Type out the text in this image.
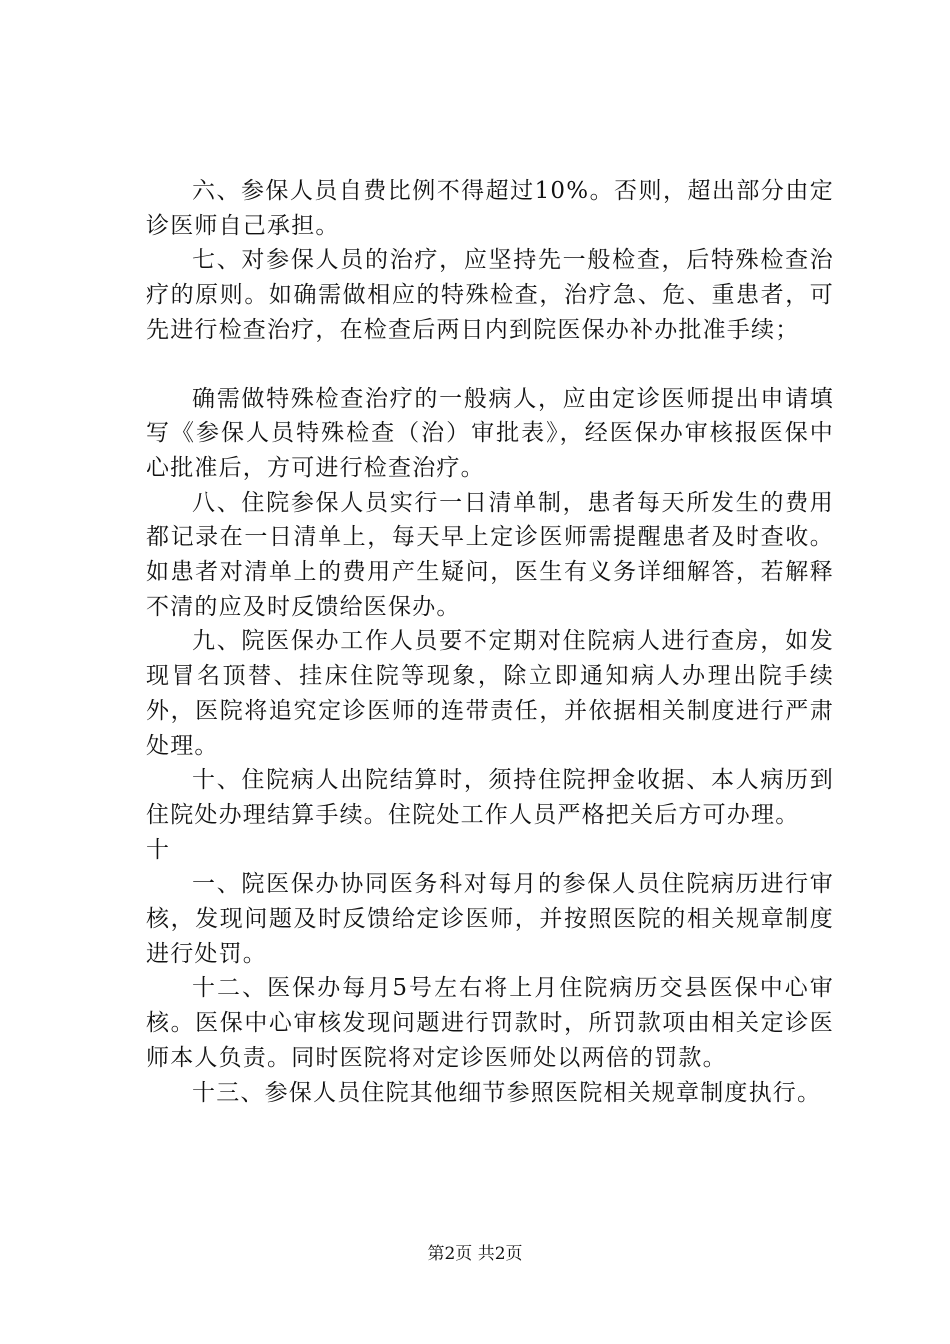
六、参保人员自费比例不得超过10%。否则，超出部分由定诊医师自己承担。

七、对参保人员的治疗，应坚持先一般检查，后特殊检查治疗的原则。如确需做相应的特殊检查，治疗急、危、重患者，可先进行检查治疗，在检查后两日内到院医保办补办批准手续；

确需做特殊检查治疗的一般病人，应由定诊医师提出申请填写《参保人员特殊检查（治）审批表》，经医保办审核报医保中心批准后，方可进行检查治疗。

八、住院参保人员实行一日清单制，患者每天所发生的费用都记录在一日清单上，每天早上定诊医师需提醒患者及时查收。如患者对清单上的费用产生疑问，医生有义务详细解答，若解释不清的应及时反馈给医保办。

九、院医保办工作人员要不定期对住院病人进行查房，如发现冒名顶替、挂床住院等现象，除立即通知病人办理出院手续外，医院将追究定诊医师的连带责任，并依据相关制度进行严肃处理。

十、住院病人出院结算时，须持住院押金收据、本人病历到住院处办理结算手续。住院处工作人员严格把关后方可办理。

十

一、院医保办协同医务科对每月的参保人员住院病历进行审核，发现问题及时反馈给定诊医师，并按照医院的相关规章制度进行处罚。

十二、医保办每月5号左右将上月住院病历交县医保中心审核。医保中心审核发现问题进行罚款时，所罚款项由相关定诊医师本人负责。同时医院将对定诊医师处以两倍的罚款。

十三、参保人员住院其他细节参照医院相关规章制度执行。

第2页 共2页
